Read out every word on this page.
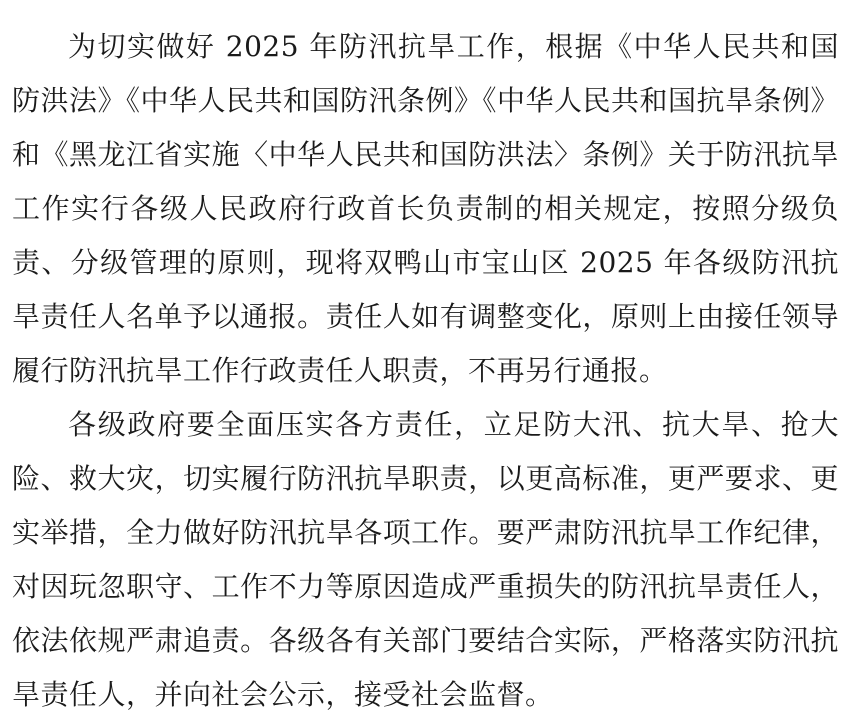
为切实做好 2025 年防汛抗旱工作，根据《中华人民共和国防洪法》《中华人民共和国防汛条例》《中华人民共和国抗旱条例》和《黑龙江省实施〈中华人民共和国防洪法〉条例》关于防汛抗旱工作实行各级人民政府行政首长负责制的相关规定，按照分级负责、分级管理的原则，现将双鸭山市宝山区 2025 年各级防汛抗旱责任人名单予以通报。责任人如有调整变化，原则上由接任领导履行防汛抗旱工作行政责任人职责，不再另行通报。

各级政府要全面压实各方责任，立足防大汛、抗大旱、抢大险、救大灾，切实履行防汛抗旱职责，以更高标准，更严要求、更实举措，全力做好防汛抗旱各项工作。要严肃防汛抗旱工作纪律，对因玩忽职守、工作不力等原因造成严重损失的防汛抗旱责任人，依法依规严肃追责。各级各有关部门要结合实际，严格落实防汛抗旱责任人，并向社会公示，接受社会监督。
